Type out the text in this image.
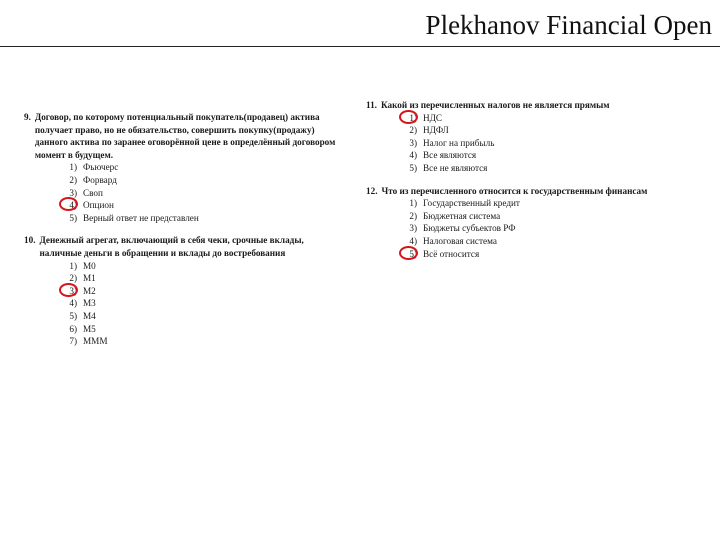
Plekhanov Financial Open
9. Договор, по которому потенциальный покупатель(продавец) актива получает право, но не обязательство, совершить покупку(продажу) данного актива по заранее оговорённой цене в определённый договором момент в будущем.
1) Фьючерс
2) Форвард
3) Своп
4) Опцион
5) Верный ответ не представлен
10. Денежный агрегат, включающий в себя чеки, срочные вклады, наличные деньги в обращении и вклады до востребования
1) М0
2) М1
3) М2
4) М3
5) М4
6) М5
7) МММ
11. Какой из перечисленных налогов не является прямым
1) НДС
2) НДФЛ
3) Налог на прибыль
4) Все являются
5) Все не являются
12. Что из перечисленного относится к государственным финансам
1) Государственный кредит
2) Бюджетная система
3) Бюджеты субъектов РФ
4) Налоговая система
5) Всё относится
